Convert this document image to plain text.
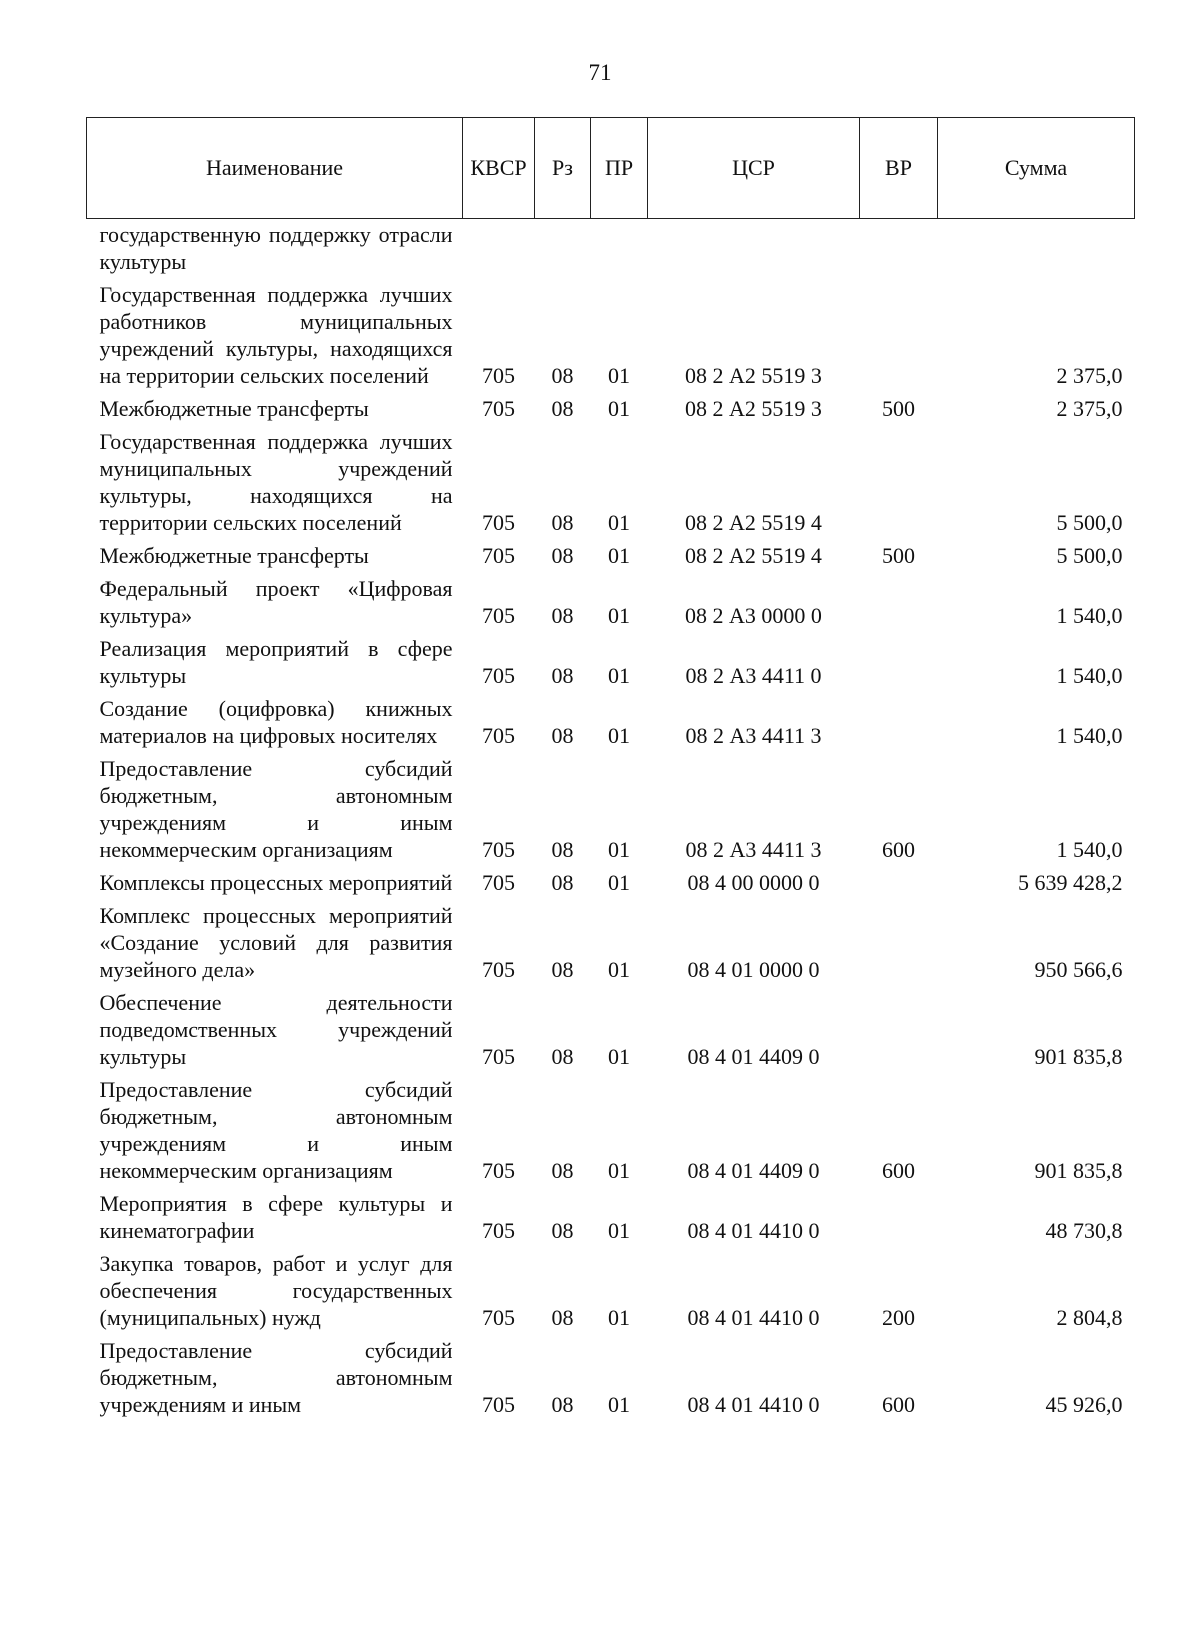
71
Наименование	КВСР	Рз	ПР	ЦСР	ВР	Сумма
государственную поддержку отрасли культуры						
Государственная поддержка лучших работников муниципальных учреждений культуры, находящихся на территории сельских поселений	705	08	01	08 2 А2 5519 3		2 375,0
Межбюджетные трансферты	705	08	01	08 2 А2 5519 3	500	2 375,0
Государственная поддержка лучших муниципальных учреждений культуры, находящихся на территории сельских поселений	705	08	01	08 2 А2 5519 4		5 500,0
Межбюджетные трансферты	705	08	01	08 2 А2 5519 4	500	5 500,0
Федеральный проект «Цифровая культура»	705	08	01	08 2 А3 0000 0		1 540,0
Реализация мероприятий в сфере культуры	705	08	01	08 2 А3 4411 0		1 540,0
Создание (оцифровка) книжных материалов на цифровых носителях	705	08	01	08 2 А3 4411 3		1 540,0
Предоставление субсидий бюджетным, автономным учреждениям и иным некоммерческим организациям	705	08	01	08 2 А3 4411 3	600	1 540,0
Комплексы процессных мероприятий	705	08	01	08 4 00 0000 0		5 639 428,2
Комплекс процессных мероприятий «Создание условий для развития музейного дела»	705	08	01	08 4 01 0000 0		950 566,6
Обеспечение деятельности подведомственных учреждений культуры	705	08	01	08 4 01 4409 0		901 835,8
Предоставление субсидий бюджетным, автономным учреждениям и иным некоммерческим организациям	705	08	01	08 4 01 4409 0	600	901 835,8
Мероприятия в сфере культуры и кинематографии	705	08	01	08 4 01 4410 0		48 730,8
Закупка товаров, работ и услуг для обеспечения государственных (муниципальных) нужд	705	08	01	08 4 01 4410 0	200	2 804,8
Предоставление субсидий бюджетным, автономным учреждениям и иным	705	08	01	08 4 01 4410 0	600	45 926,0
